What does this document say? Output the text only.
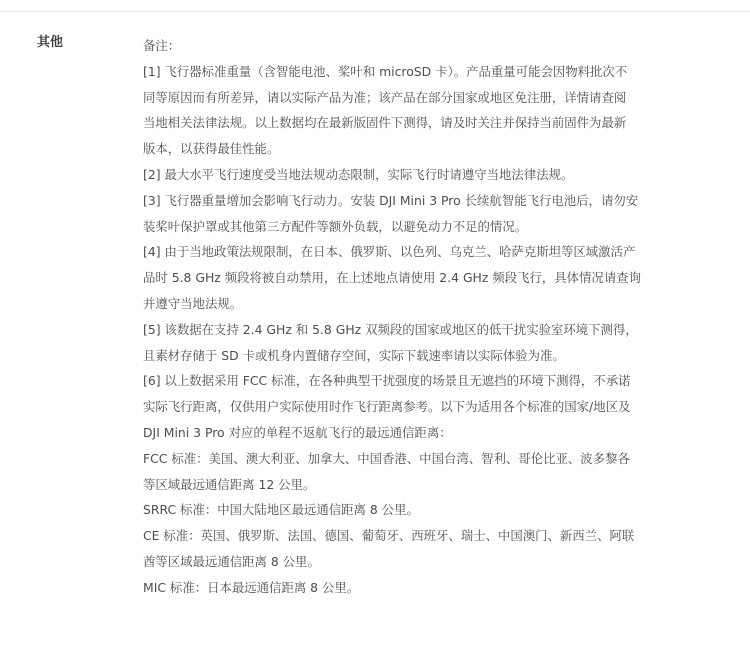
其他	备注：
[1] 飞行器标准重量（含智能电池、桨叶和 microSD 卡）。产品重量可能会因物料批次不
同等原因而有所差异，请以实际产品为准；该产品在部分国家或地区免注册，详情请查阅
当地相关法律法规。以上数据均在最新版固件下测得，请及时关注并保持当前固件为最新
版本，以获得最佳性能。
[2] 最大水平飞行速度受当地法规动态限制，实际飞行时请遵守当地法律法规。
[3] 飞行器重量增加会影响飞行动力。安装 DJI Mini 3 Pro 长续航智能飞行电池后，请勿安
装桨叶保护罩或其他第三方配件等额外负载，以避免动力不足的情况。
[4] 由于当地政策法规限制，在日本、俄罗斯、以色列、乌克兰、哈萨克斯坦等区域激活产
品时 5.8 GHz 频段将被自动禁用，在上述地点请使用 2.4 GHz 频段飞行，具体情况请查询
并遵守当地法规。
[5] 该数据在支持 2.4 GHz 和 5.8 GHz 双频段的国家或地区的低干扰实验室环境下测得，
且素材存储于 SD 卡或机身内置储存空间，实际下载速率请以实际体验为准。
[6] 以上数据采用 FCC 标准，在各种典型干扰强度的场景且无遮挡的环境下测得，不承诺
实际飞行距离，仅供用户实际使用时作飞行距离参考。以下为适用各个标准的国家/地区及
DJI Mini 3 Pro 对应的单程不返航飞行的最远通信距离：
FCC 标准：美国、澳大利亚、加拿大、中国香港、中国台湾、智利、哥伦比亚、波多黎各
等区域最远通信距离 12 公里。
SRRC 标准：中国大陆地区最远通信距离 8 公里。
CE 标准：英国、俄罗斯、法国、德国、葡萄牙、西班牙、瑞士、中国澳门、新西兰、阿联
酋等区域最远通信距离 8 公里。
MIC 标准：日本最远通信距离 8 公里。
